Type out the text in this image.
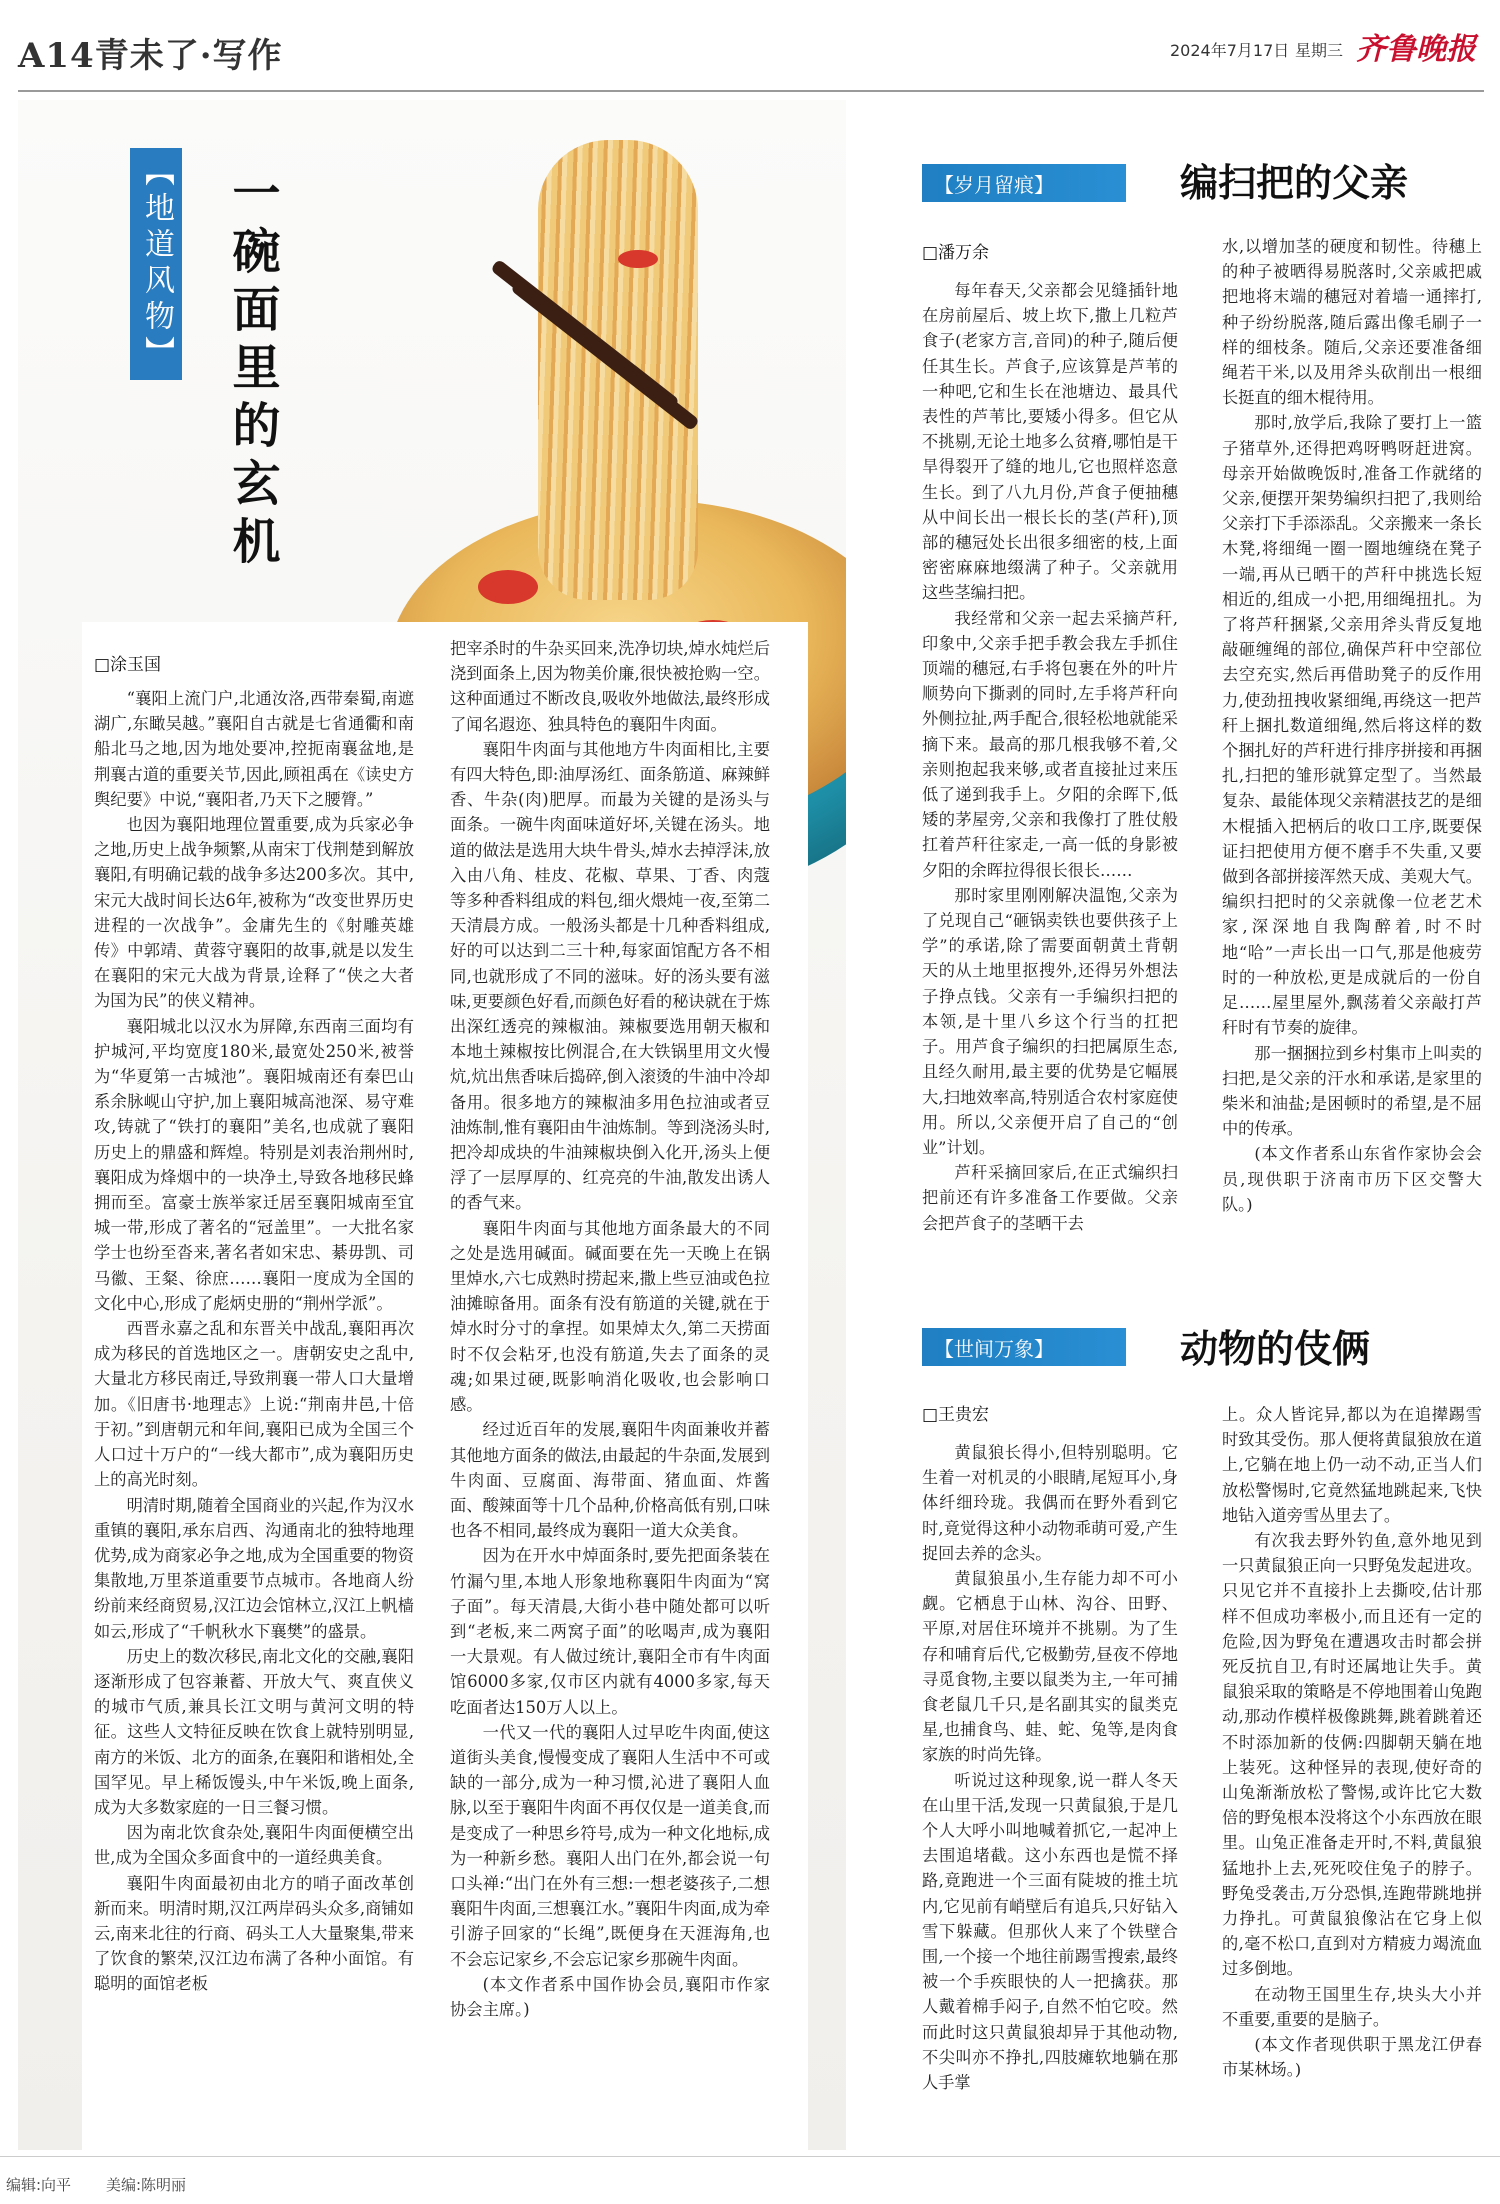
A14青未了·写作	2024年7月17日 星期三 齐鲁晚报
【地道风物】 一碗面里的玄机
□涂玉国

“襄阳上流门户,北通汝洛,西带秦蜀,南遮湖广,东瞰吴越。”襄阳自古就是七省通衢和南船北马之地,因为地处要冲,控扼南襄盆地,是荆襄古道的重要关节,因此,顾祖禹在《读史方舆纪要》中说,“襄阳者,乃天下之腰膂。”

也因为襄阳地理位置重要,成为兵家必争之地,历史上战争频繁,从南宋丁伐荆楚到解放襄阳,有明确记载的战争多达200多次。其中,宋元大战时间长达6年,被称为“改变世界历史进程的一次战争”。金庸先生的《射雕英雄传》中郭靖、黄蓉守襄阳的故事,就是以发生在襄阳的宋元大战为背景,诠释了“侠之大者为国为民”的侠义精神。

襄阳城北以汉水为屏障,东西南三面均有护城河,平均宽度180米,最宽处250米,被誉为“华夏第一古城池”。襄阳城南还有秦巴山系余脉岘山守护,加上襄阳城高池深、易守难攻,铸就了“铁打的襄阳”美名,也成就了襄阳历史上的鼎盛和辉煌。特别是刘表治荆州时,襄阳成为烽烟中的一块净土,导致各地移民蜂拥而至。富豪士族举家迁居至襄阳城南至宜城一带,形成了著名的“冠盖里”。一大批名家学士也纷至沓来,著名者如宋忠、綦毋凯、司马徽、王粲、徐庶……襄阳一度成为全国的文化中心,形成了彪炳史册的“荆州学派”。

西晋永嘉之乱和东晋关中战乱,襄阳再次成为移民的首选地区之一。唐朝安史之乱中,大量北方移民南迁,导致荆襄一带人口大量增加。《旧唐书·地理志》上说:“荆南井邑,十倍于初。”到唐朝元和年间,襄阳已成为全国三个人口过十万户的“一线大都市”,成为襄阳历史上的高光时刻。

明清时期,随着全国商业的兴起,作为汉水重镇的襄阳,承东启西、沟通南北的独特地理优势,成为商家必争之地,成为全国重要的物资集散地,万里茶道重要节点城市。各地商人纷纷前来经商贸易,汉江边会馆林立,汉江上帆樯如云,形成了“千帆秋水下襄樊”的盛景。

历史上的数次移民,南北文化的交融,襄阳逐渐形成了包容兼蓄、开放大气、爽直侠义的城市气质,兼具长江文明与黄河文明的特征。这些人文特征反映在饮食上就特别明显,南方的米饭、北方的面条,在襄阳和谐相处,全国罕见。早上稀饭馒头,中午米饭,晚上面条,成为大多数家庭的一日三餐习惯。

因为南北饮食杂处,襄阳牛肉面便横空出世,成为全国众多面食中的一道经典美食。

襄阳牛肉面最初由北方的哨子面改革创新而来。明清时期,汉江两岸码头众多,商铺如云,南来北往的行商、码头工人大量聚集,带来了饮食的繁荣,汉江边布满了各种小面馆。有聪明的面馆老板

把宰杀时的牛杂买回来,洗净切块,焯水炖烂后浇到面条上,因为物美价廉,很快被抢购一空。这种面通过不断改良,吸收外地做法,最终形成了闻名遐迩、独具特色的襄阳牛肉面。

襄阳牛肉面与其他地方牛肉面相比,主要有四大特色,即:油厚汤红、面条筋道、麻辣鲜香、牛杂(肉)肥厚。而最为关键的是汤头与面条。一碗牛肉面味道好坏,关键在汤头。地道的做法是选用大块牛骨头,焯水去掉浮沫,放入由八角、桂皮、花椒、草果、丁香、肉蔻等多种香料组成的料包,细火煨炖一夜,至第二天清晨方成。一般汤头都是十几种香料组成,好的可以达到二三十种,每家面馆配方各不相同,也就形成了不同的滋味。好的汤头要有滋味,更要颜色好看,而颜色好看的秘诀就在于炼出深红透亮的辣椒油。辣椒要选用朝天椒和本地土辣椒按比例混合,在大铁锅里用文火慢炕,炕出焦香味后捣碎,倒入滚烫的牛油中冷却备用。很多地方的辣椒油多用色拉油或者豆油炼制,惟有襄阳由牛油炼制。等到浇汤头时,把冷却成块的牛油辣椒块倒入化开,汤头上便浮了一层厚厚的、红亮亮的牛油,散发出诱人的香气来。

襄阳牛肉面与其他地方面条最大的不同之处是选用碱面。碱面要在先一天晚上在锅里焯水,六七成熟时捞起来,撒上些豆油或色拉油摊晾备用。面条有没有筋道的关键,就在于焯水时分寸的拿捏。如果焯太久,第二天捞面时不仅会粘牙,也没有筋道,失去了面条的灵魂;如果过硬,既影响消化吸收,也会影响口感。

经过近百年的发展,襄阳牛肉面兼收并蓄其他地方面条的做法,由最起的牛杂面,发展到牛肉面、豆腐面、海带面、猪血面、炸酱面、酸辣面等十几个品种,价格高低有别,口味也各不相同,最终成为襄阳一道大众美食。

因为在开水中焯面条时,要先把面条装在竹漏勺里,本地人形象地称襄阳牛肉面为“窝子面”。每天清晨,大街小巷中随处都可以听到“老板,来二两窝子面”的吆喝声,成为襄阳一大景观。有人做过统计,襄阳全市有牛肉面馆6000多家,仅市区内就有4000多家,每天吃面者达150万人以上。

一代又一代的襄阳人过早吃牛肉面,使这道街头美食,慢慢变成了襄阳人生活中不可或缺的一部分,成为一种习惯,沁进了襄阳人血脉,以至于襄阳牛肉面不再仅仅是一道美食,而是变成了一种思乡符号,成为一种文化地标,成为一种新乡愁。襄阳人出门在外,都会说一句口头禅:“出门在外有三想:一想老婆孩子,二想襄阳牛肉面,三想襄江水。”襄阳牛肉面,成为牵引游子回家的“长绳”,既便身在天涯海角,也不会忘记家乡,不会忘记家乡那碗牛肉面。

(本文作者系中国作协会员,襄阳市作家协会主席。)

【岁月留痕】	编扫把的父亲
□潘万余

每年春天,父亲都会见缝插针地在房前屋后、坡上坎下,撒上几粒芦食子(老家方言,音同)的种子,随后便任其生长。芦食子,应该算是芦苇的一种吧,它和生长在池塘边、最具代表性的芦苇比,要矮小得多。但它从不挑剔,无论土地多么贫瘠,哪怕是干旱得裂开了缝的地儿,它也照样恣意生长。到了八九月份,芦食子便抽穗从中间长出一根长长的茎(芦秆),顶部的穗冠处长出很多细密的枝,上面密密麻麻地缀满了种子。父亲就用这些茎编扫把。

我经常和父亲一起去采摘芦秆,印象中,父亲手把手教会我左手抓住顶端的穗冠,右手将包裹在外的叶片顺势向下撕剥的同时,左手将芦秆向外侧拉扯,两手配合,很轻松地就能采摘下来。最高的那几根我够不着,父亲则抱起我来够,或者直接扯过来压低了递到我手上。夕阳的余晖下,低矮的茅屋旁,父亲和我像打了胜仗般扛着芦秆往家走,一高一低的身影被夕阳的余晖拉得很长很长……

那时家里刚刚解决温饱,父亲为了兑现自己“砸锅卖铁也要供孩子上学”的承诺,除了需要面朝黄土背朝天的从土地里抠搜外,还得另外想法子挣点钱。父亲有一手编织扫把的本领,是十里八乡这个行当的扛把子。用芦食子编织的扫把属原生态,且经久耐用,最主要的优势是它幅展大,扫地效率高,特别适合农村家庭使用。所以,父亲便开启了自己的“创业”计划。

芦秆采摘回家后,在正式编织扫把前还有许多准备工作要做。父亲会把芦食子的茎晒干去

水,以增加茎的硬度和韧性。待穗上的种子被晒得易脱落时,父亲戚把戚把地将末端的穗冠对着墙一通摔打,种子纷纷脱落,随后露出像毛刷子一样的细枝条。随后,父亲还要准备细绳若干米,以及用斧头砍削出一根细长挺直的细木棍待用。

那时,放学后,我除了要打上一篮子猪草外,还得把鸡呀鸭呀赶进窝。母亲开始做晚饭时,准备工作就绪的父亲,便摆开架势编织扫把了,我则给父亲打下手添添乱。父亲搬来一条长木凳,将细绳一圈一圈地缠绕在凳子一端,再从已晒干的芦秆中挑选长短相近的,组成一小把,用细绳扭扎。为了将芦秆捆紧,父亲用斧头背反复地敲砸缠绳的部位,确保芦秆中空部位去空充实,然后再借助凳子的反作用力,使劲扭拽收紧细绳,再绕这一把芦秆上捆扎数道细绳,然后将这样的数个捆扎好的芦秆进行排序拼接和再捆扎,扫把的雏形就算定型了。当然最复杂、最能体现父亲精湛技艺的是细木棍插入把柄后的收口工序,既要保证扫把使用方便不磨手不失重,又要做到各部拼接浑然天成、美观大气。编织扫把时的父亲就像一位老艺术家,深深地自我陶醉着,时不时地“哈”一声长出一口气,那是他疲劳时的一种放松,更是成就后的一份自足……屋里屋外,飘荡着父亲敲打芦秆时有节奏的旋律。

那一捆捆拉到乡村集市上叫卖的扫把,是父亲的汗水和承诺,是家里的柴米和油盐;是困顿时的希望,是不屈中的传承。

(本文作者系山东省作家协会会员,现供职于济南市历下区交警大队。)

【世间万象】	动物的伎俩
□王贵宏

黄鼠狼长得小,但特别聪明。它生着一对机灵的小眼睛,尾短耳小,身体纤细玲珑。我偶而在野外看到它时,竟觉得这种小动物乖萌可爱,产生捉回去养的念头。

黄鼠狼虽小,生存能力却不可小觑。它栖息于山林、沟谷、田野、平原,对居住环境并不挑剔。为了生存和哺育后代,它极勤劳,昼夜不停地寻觅食物,主要以鼠类为主,一年可捕食老鼠几千只,是名副其实的鼠类克星,也捕食鸟、蛙、蛇、兔等,是肉食家族的时尚先锋。

听说过这种现象,说一群人冬天在山里干活,发现一只黄鼠狼,于是几个人大呼小叫地喊着抓它,一起冲上去围追堵截。这小东西也是慌不择路,竟跑进一个三面有陡坡的推土坑内,它见前有峭壁后有追兵,只好钻入雪下躲藏。但那伙人来了个铁壁合围,一个接一个地往前踢雪搜索,最终被一个手疾眼快的人一把擒获。那人戴着棉手闷子,自然不怕它咬。然而此时这只黄鼠狼却异于其他动物,不尖叫亦不挣扎,四肢瘫软地躺在那人手掌

上。众人皆诧异,都以为在追撵踢雪时致其受伤。那人便将黄鼠狼放在道上,它躺在地上仍一动不动,正当人们放松警惕时,它竟然猛地跳起来,飞快地钻入道旁雪丛里去了。

有次我去野外钓鱼,意外地见到一只黄鼠狼正向一只野兔发起进攻。只见它并不直接扑上去撕咬,估计那样不但成功率极小,而且还有一定的危险,因为野兔在遭遇攻击时都会拼死反抗自卫,有时还属地让失手。黄鼠狼采取的策略是不停地围着山兔跑动,那动作模样极像跳舞,跳着跳着还不时添加新的伎俩:四脚朝天躺在地上装死。这种怪异的表现,使好奇的山兔渐渐放松了警惕,或许比它大数倍的野兔根本没将这个小东西放在眼里。山兔正准备走开时,不料,黄鼠狼猛地扑上去,死死咬住兔子的脖子。野兔受袭击,万分恐惧,连跑带跳地拼力挣扎。可黄鼠狼像沾在它身上似的,毫不松口,直到对方精疲力竭流血过多倒地。

在动物王国里生存,块头大小并不重要,重要的是脑子。

(本文作者现供职于黑龙江伊春市某林场。)

编辑:向平 美编:陈明丽
